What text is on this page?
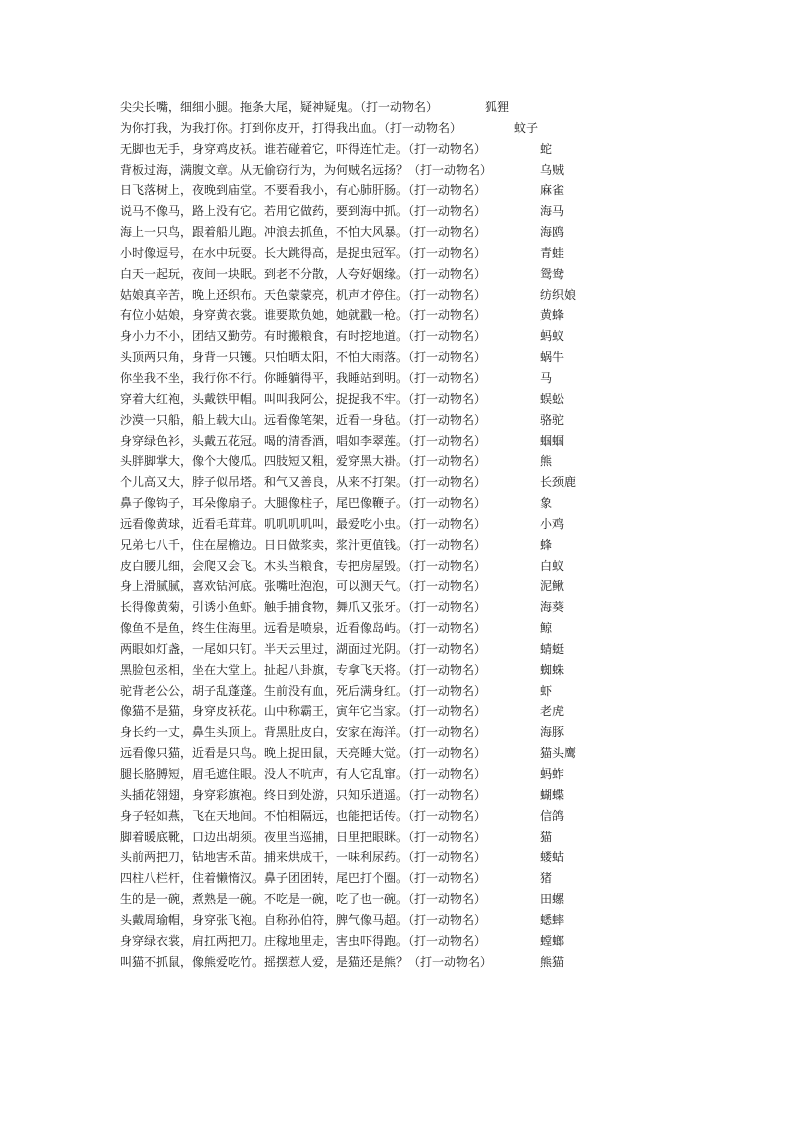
尖尖长嘴，细细小腿。拖条大尾，疑神疑鬼。（打一动物名）	狐狸
为你打我，为我打你。打到你皮开，打得我出血。（打一动物名）	蚊子
无脚也无手，身穿鸡皮袄。谁若碰着它，吓得连忙走。（打一动物名）	蛇
背板过海，满腹文章。从无偷窃行为，为何贼名远扬？（打一动物名）	乌贼
日飞落树上，夜晚到庙堂。不要看我小，有心肺肝肠。（打一动物名）	麻雀
说马不像马，路上没有它。若用它做药，要到海中抓。（打一动物名）	海马
海上一只鸟，跟着船儿跑。冲浪去抓鱼，不怕大风暴。（打一动物名）	海鸥
小时像逗号，在水中玩耍。长大跳得高，是捉虫冠军。（打一动物名）	青蛙
白天一起玩，夜间一块眠。到老不分散，人夸好姻缘。（打一动物名）	鸳鸯
姑娘真辛苦，晚上还织布。天色蒙蒙亮，机声才停住。（打一动物名）	纺织娘
有位小姑娘，身穿黄衣裳。谁要欺负她，她就戳一枪。（打一动物名）	黄蜂
身小力不小，团结又勤劳。有时搬粮食，有时挖地道。（打一动物名）	蚂蚁
头顶两只角，身背一只镬。只怕晒太阳，不怕大雨落。（打一动物名）	蜗牛
你坐我不坐，我行你不行。你睡躺得平，我睡站到明。（打一动物名）	马
穿着大红袍，头戴铁甲帽。叫叫我阿公，捉捉我不牢。（打一动物名）	蜈蚣
沙漠一只船，船上载大山。远看像笔架，近看一身毡。（打一动物名）	骆驼
身穿绿色衫，头戴五花冠。喝的清香酒，唱如李翠莲。（打一动物名）	蝈蝈
头胖脚掌大，像个大傻瓜。四肢短又粗，爱穿黑大褂。（打一动物名）	熊
个儿高又大，脖子似吊塔。和气又善良，从来不打架。（打一动物名）	长颈鹿
鼻子像钩子，耳朵像扇子。大腿像柱子，尾巴像鞭子。（打一动物名）	象
远看像黄球，近看毛茸茸。叽叽叽叽叫，最爱吃小虫。（打一动物名）	小鸡
兄弟七八千，住在屋檐边。日日做浆卖，浆汁更值钱。（打一动物名）	蜂
皮白腰儿细，会爬又会飞。木头当粮食，专把房屋毁。（打一动物名）	白蚁
身上滑腻腻，喜欢钻河底。张嘴吐泡泡，可以测天气。（打一动物名）	泥鳅
长得像黄菊，引诱小鱼虾。触手捕食物，舞爪又张牙。（打一动物名）	海葵
像鱼不是鱼，终生住海里。远看是喷泉，近看像岛屿。（打一动物名）	鲸
两眼如灯盏，一尾如只钉。半天云里过，湖面过光阴。（打一动物名）	蜻蜓
黑脸包丞相，坐在大堂上。扯起八卦旗，专拿飞天将。（打一动物名）	蜘蛛
驼背老公公，胡子乱蓬蓬。生前没有血，死后满身红。（打一动物名）	虾
像猫不是猫，身穿皮袄花。山中称霸王，寅年它当家。（打一动物名）	老虎
身长约一丈，鼻生头顶上。背黑肚皮白，安家在海洋。（打一动物名）	海豚
远看像只猫，近看是只鸟。晚上捉田鼠，天亮睡大觉。（打一动物名）	猫头鹰
腿长胳膊短，眉毛遮住眼。没人不吭声，有人它乱窜。（打一动物名）	蚂蚱
头插花翎翅，身穿彩旗袍。终日到处游，只知乐逍遥。（打一动物名）	蝴蝶
身子轻如燕，飞在天地间。不怕相隔远，也能把话传。（打一动物名）	信鸽
脚着暖底靴，口边出胡须。夜里当巡捕，日里把眼眯。（打一动物名）	猫
头前两把刀，钻地害禾苗。捕来烘成干，一味利尿药。（打一动物名）	蝼蛄
四柱八栏杆，住着懒惰汉。鼻子团团转，尾巴打个圈。（打一动物名）	猪
生的是一碗，煮熟是一碗。不吃是一碗，吃了也一碗。（打一动物名）	田螺
头戴周瑜帽，身穿张飞袍。自称孙伯符，脾气像马超。（打一动物名）	蟋蟀
身穿绿衣裳，肩扛两把刀。庄稼地里走，害虫吓得跑。（打一动物名）	螳螂
叫猫不抓鼠，像熊爱吃竹。摇摆惹人爱，是猫还是熊？（打一动物名）	熊猫
